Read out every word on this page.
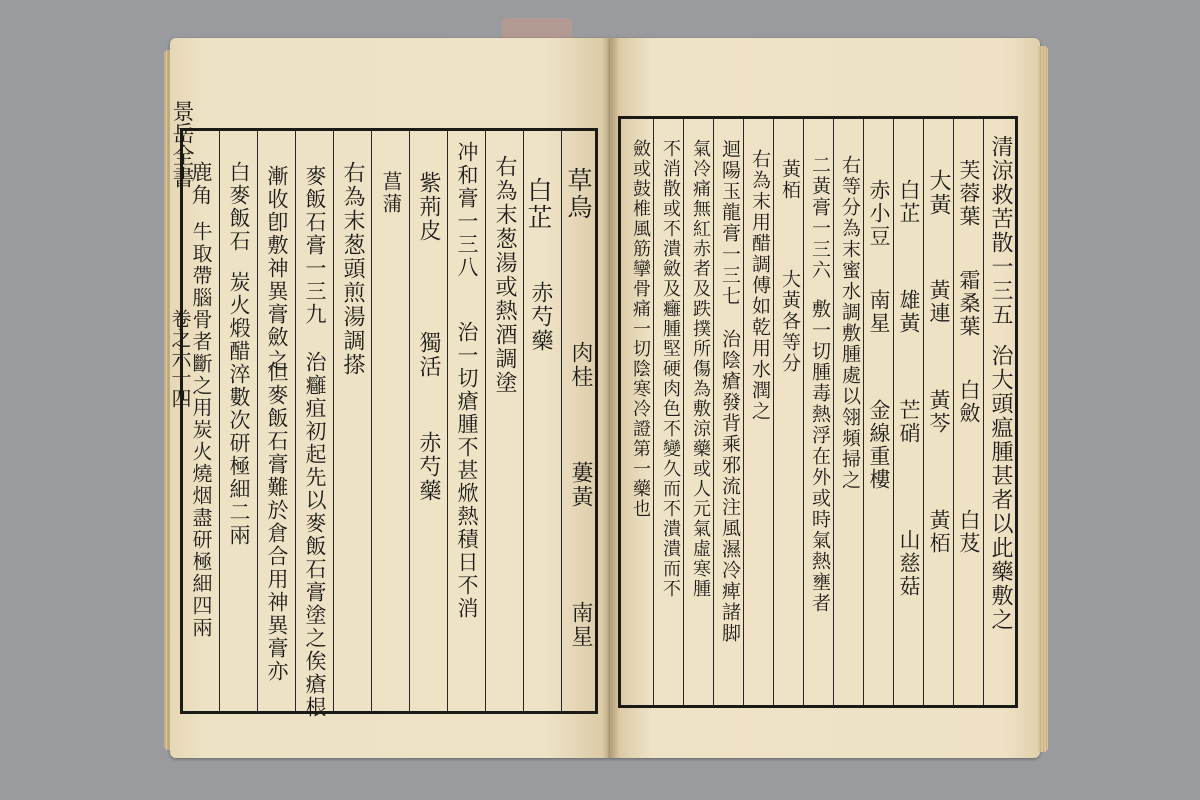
景岳全書
卷之六十四
草烏
肉桂
蔞黃
南星
白芷
赤芍藥
右為末葱湯或熱酒調塗
冲和膏一三八
治一切瘡腫不甚焮熱積日不消
紫荊皮
獨活
赤芍藥
菖蒲
右為末葱頭煎湯調搽
麥飯石膏一三九
治癰疽初起先以麥飯石膏塗之俟瘡根
漸收卽敷神異膏斂之
但麥飯石膏難於倉合用神異膏亦
白麥飯石
炭火煅醋淬數次研極細二兩
鹿角
牛取帶腦骨者斷之用炭火燒烟盡研極細四兩	清涼救苦散一三五
治大頭瘟腫甚者以此藥敷之
芙蓉葉
霜桑葉
白斂
白芨
大黃
黃連
黃芩
黃栢
白芷
雄黃
芒硝
山慈菇
赤小豆
南星
金線重樓
右等分為末蜜水調敷腫處以翎頻掃之
二黃膏一三六
敷一切腫毒熱浮在外或時氣熱壅者
黃栢
大黃各等分
右為末用醋調傅如乾用水潤之
迴陽玉龍膏一三七
治陰瘡發背乘邪流注風濕冷痺諸脚
氣冷痛無紅赤者及跌撲所傷為敷涼藥或人元氣虛寒腫
不消散或不潰斂及癰腫堅硬肉色不變久而不潰潰而不
斂或鼓椎風筋攣骨痛一切陰寒冷證第一藥也
